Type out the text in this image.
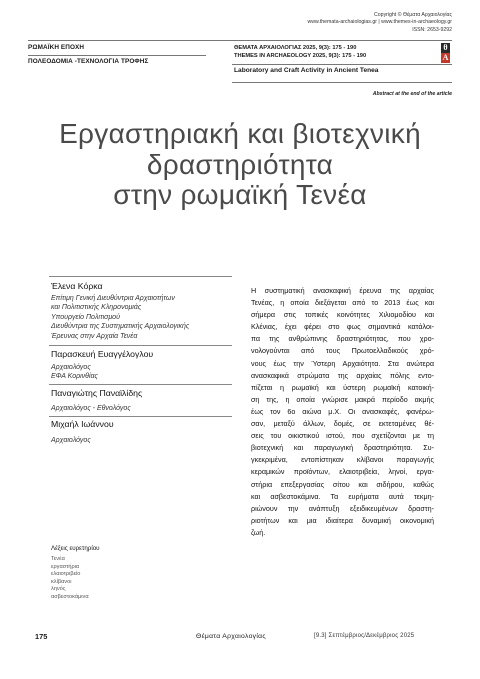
Copyright © Θέματα Αρχαιολογίας
www.themata-archaiologias.gr | www.themes-in-archaeology.gr
ISSN: 2653-9292
ΡΩΜΑΪΚΗ ΕΠΟΧΗ
ΠΟΛΕΟΔΟΜΙΑ -ΤΕΧΝΟΛΟΓΙΑ ΤΡΟΦΗΣ
ΘΕΜΑΤΑ ΑΡΧΑΙΟΛΟΓΙΑΣ 2025, 9(3): 175 - 190
THEMES IN ARCHAEOLOGY 2025, 9(3): 175 - 190
θ
A
Laboratory and Craft Activity in Ancient Tenea
Abstract at the end of the article
Εργαστηριακή και βιοτεχνική
δραστηριότητα
στην ρωμαϊκή Τενέα
Έλενα Κόρκα
Επίτιμη Γενική Διευθύντρια Αρχαιοτήτων
και Πολιτιστικής Κληρονομιάς
Υπουργείο Πολιτισμού
Διευθύντρια της Συστηματικής Αρχαιολογικής
Έρευνας στην Αρχαία Τενέα
Παρασκευή Ευαγγέλογλου
Αρχαιολόγος
ΕΦΑ Κορινθίας
Παναγιώτης Παναϊλίδης
Αρχαιολόγος - Εθνολόγος
Μιχαήλ Ιωάννου
Αρχαιολόγος
Η συστηματική ανασκαφική έρευνα της αρχαίας
Τενέας, η οποία διεξάγεται από το 2013 έως και
σήμερα στις τοπικές κοινότητες Χιλιομοδίου και
Κλένιας, έχει φέρει στο φως σημαντικά κατάλοι-
πα της ανθρώπινης δραστηριότητας, που χρο-
νολογούνται από τους Πρωτοελλαδικούς χρό-
νους έως την Ύστερη Αρχαιότητα. Στα ανώτερα
ανασκαφικά στρώματα της αρχαίας πόλης εντο-
πίζεται η ρωμαϊκή και ύστερη ρωμαϊκή κατοική-
ση της, η οποία γνώρισε μακρά περίοδο ακμής
έως τον 6ο αιώνα μ.Χ. Οι ανασκαφές, φανέρω-
σαν, μεταξύ άλλων, δομές, σε εκτεταμένες θέ-
σεις του οικιστικού ιστού, που σχετίζονται με τη
βιοτεχνική και παραγωγική δραστηριότητα. Συ-
γκεκριμένα, εντοπίστηκαν κλίβανοι παραγωγής
κεραμικών προϊόντων, ελαιοτριβεία, ληνοί, εργα-
στήρια επεξεργασίας σίτου και σιδήρου, καθώς
και ασβεστοκάμινα. Τα ευρήματα αυτά τεκμη-
ριώνουν την ανάπτυξη εξειδικευμένων δραστη-
ριοτήτων και μια ιδιαίτερα δυναμική οικονομική
ζωή.
Λέξεις ευρετηρίου
Τενέα
εργαστήρια
ελαιοτριβείο
κλίβανοι
ληνός
ασβεστοκάμινα
175	Θέματα Αρχαιολογίας	[9.3] Σεπτέμβριος/Δεκέμβριος 2025
